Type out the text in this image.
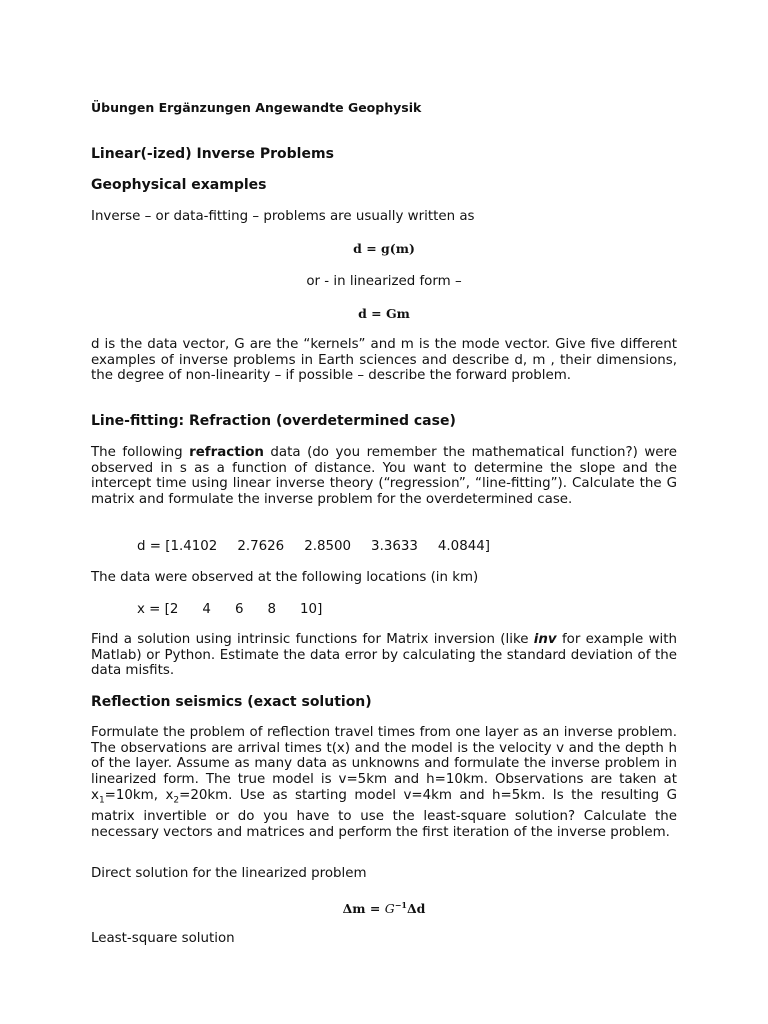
Übungen Ergänzungen Angewandte Geophysik
Linear(-ized) Inverse Problems
Geophysical examples
Inverse – or data-fitting – problems are usually written as
d = g(m)
or - in linearized form –
d = Gm
d is the data vector, G are the “kernels” and m is the mode vector. Give five different examples of inverse problems in Earth sciences and describe d, m , their dimensions, the degree of non-linearity – if possible – describe the forward problem.
Line-fitting: Refraction (overdetermined case)
The following refraction data (do you remember the mathematical function?) were observed in s as a function of distance. You want to determine the slope and the intercept time using linear inverse theory (“regression”, “line-fitting”). Calculate the G matrix and formulate the inverse problem for the overdetermined case.
d = [1.4102 2.7626 2.8500 3.3633 4.0844]
The data were observed at the following locations (in km)
x = [2 4 6 8 10]
Find a solution using intrinsic functions for Matrix inversion (like inv for example with Matlab) or Python. Estimate the data error by calculating the standard deviation of the data misfits.
Reflection seismics (exact solution)
Formulate the problem of reflection travel times from one layer as an inverse problem. The observations are arrival times t(x) and the model is the velocity v and the depth h of the layer. Assume as many data as unknowns and formulate the inverse problem in linearized form. The true model is v=5km and h=10km. Observations are taken at $x_1=10km$, $x_2=20km$. Use as starting model v=4km and h=5km. Is the resulting G matrix invertible or do you have to use the least-square solution? Calculate the necessary vectors and matrices and perform the first iteration of the inverse problem.
Direct solution for the linearized problem
$\Delta m = G^{-1}\Delta d$
Least-square solution
